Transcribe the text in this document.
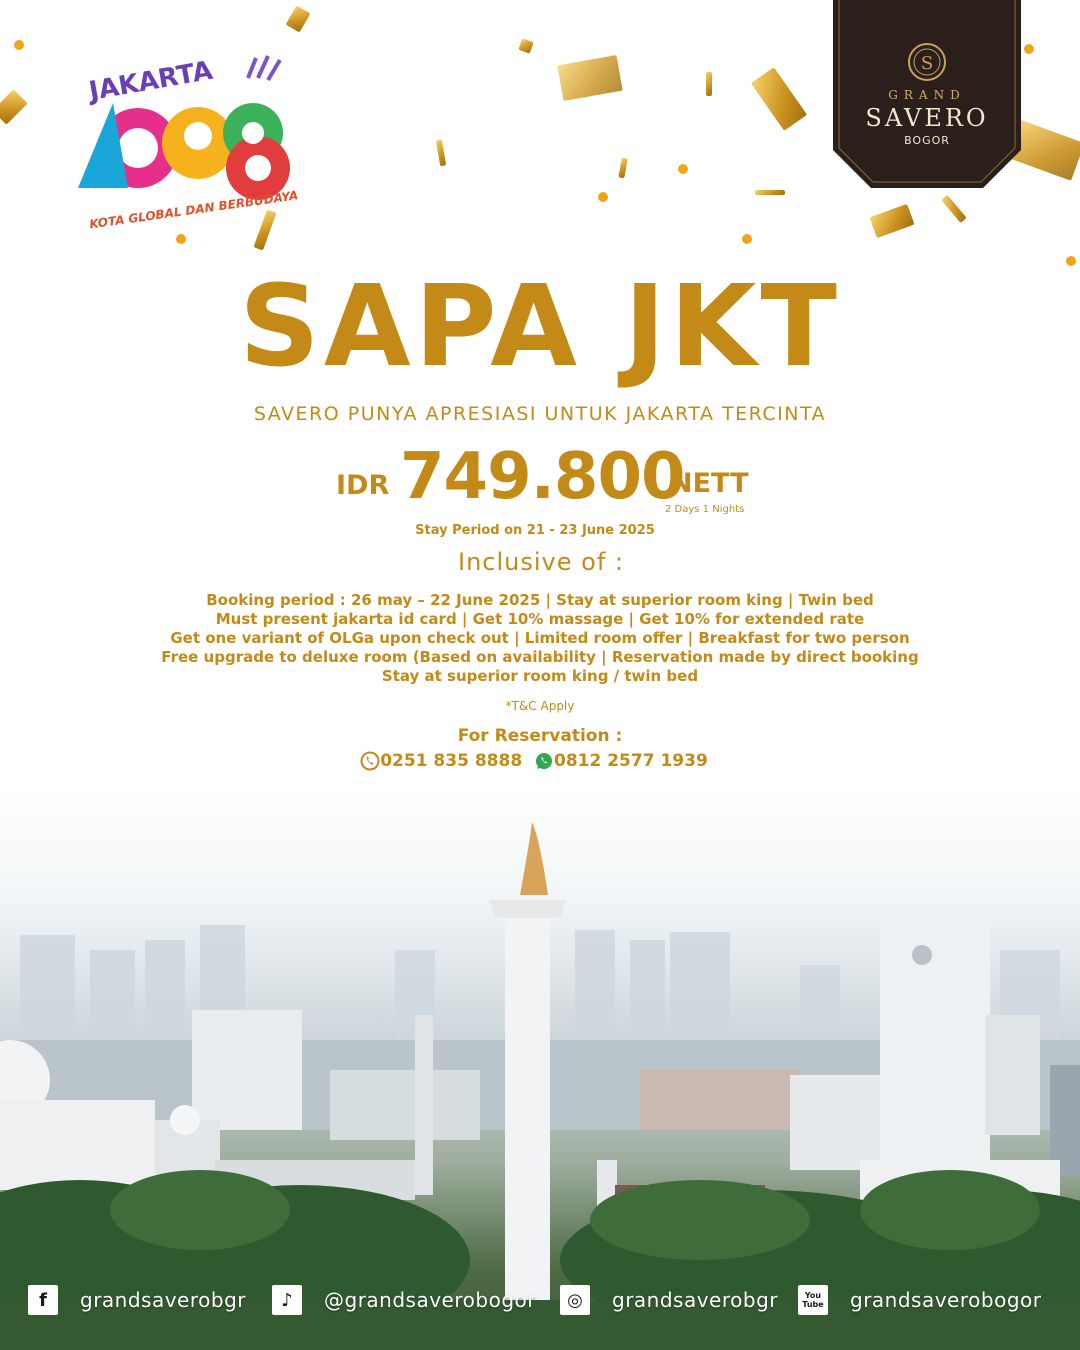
JAKARTA
KOTA GLOBAL DAN BERBUDAYA
S
GRAND
SAVERO
BOGOR
SAPA JKT
SAVERO PUNYA APRESIASI UNTUK JAKARTA TERCINTA
IDR 749.800
NETT
2 Days 1 Nights
Stay Period on 21 - 23 June 2025
Inclusive of :
Booking period : 26 may – 22 June 2025 | Stay at superior room king | Twin bed
Must present jakarta id card | Get 10% massage | Get 10% for extended rate
Get one variant of OLGa upon check out | Limited room offer | Breakfast for two person
Free upgrade to deluxe room (Based on availability | Reservation made by direct booking
Stay at superior room king / twin bed
*T&C Apply
For Reservation :
0251 835 8888 0812 2577 1939
f	grandsaverobgr	♪	@grandsaverobogor	◎	grandsaverobgr	You Tube grandsaverobogor
